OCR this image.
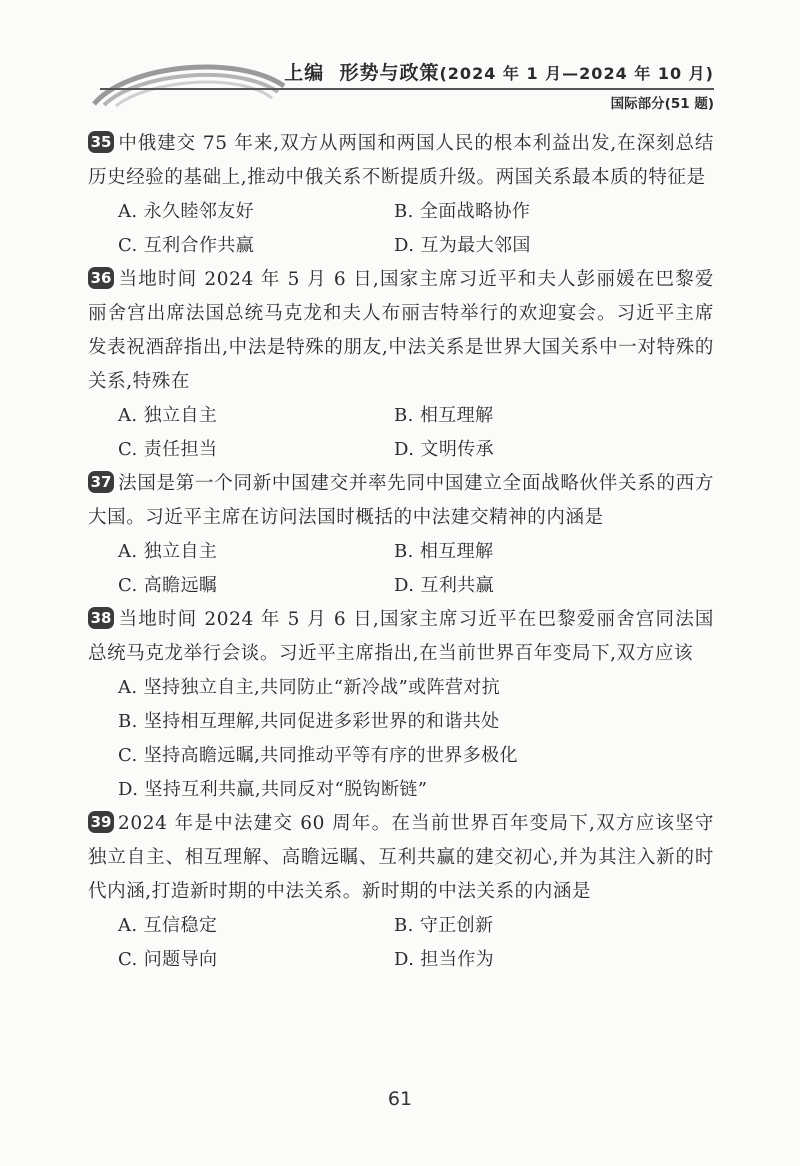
上编 形势与政策(2024 年 1 月—2024 年 10 月)
国际部分(51 题)

35 中俄建交 75 年来,双方从两国和两国人民的根本利益出发,在深刻总结历史经验的基础上,推动中俄关系不断提质升级。两国关系最本质的特征是

A. 永久睦邻友好	B. 全面战略协作
C. 互利合作共赢	D. 互为最大邻国

36 当地时间 2024 年 5 月 6 日,国家主席习近平和夫人彭丽媛在巴黎爱丽舍宫出席法国总统马克龙和夫人布丽吉特举行的欢迎宴会。习近平主席发表祝酒辞指出,中法是特殊的朋友,中法关系是世界大国关系中一对特殊的关系,特殊在

A. 独立自主	B. 相互理解
C. 责任担当	D. 文明传承

37 法国是第一个同新中国建交并率先同中国建立全面战略伙伴关系的西方大国。习近平主席在访问法国时概括的中法建交精神的内涵是

A. 独立自主	B. 相互理解
C. 高瞻远瞩	D. 互利共赢

38 当地时间 2024 年 5 月 6 日,国家主席习近平在巴黎爱丽舍宫同法国总统马克龙举行会谈。习近平主席指出,在当前世界百年变局下,双方应该

A. 坚持独立自主,共同防止“新冷战”或阵营对抗
B. 坚持相互理解,共同促进多彩世界的和谐共处
C. 坚持高瞻远瞩,共同推动平等有序的世界多极化
D. 坚持互利共赢,共同反对“脱钩断链”

39 2024 年是中法建交 60 周年。在当前世界百年变局下,双方应该坚守独立自主、相互理解、高瞻远瞩、互利共赢的建交初心,并为其注入新的时代内涵,打造新时期的中法关系。新时期的中法关系的内涵是

A. 互信稳定	B. 守正创新
C. 问题导向	D. 担当作为
61
